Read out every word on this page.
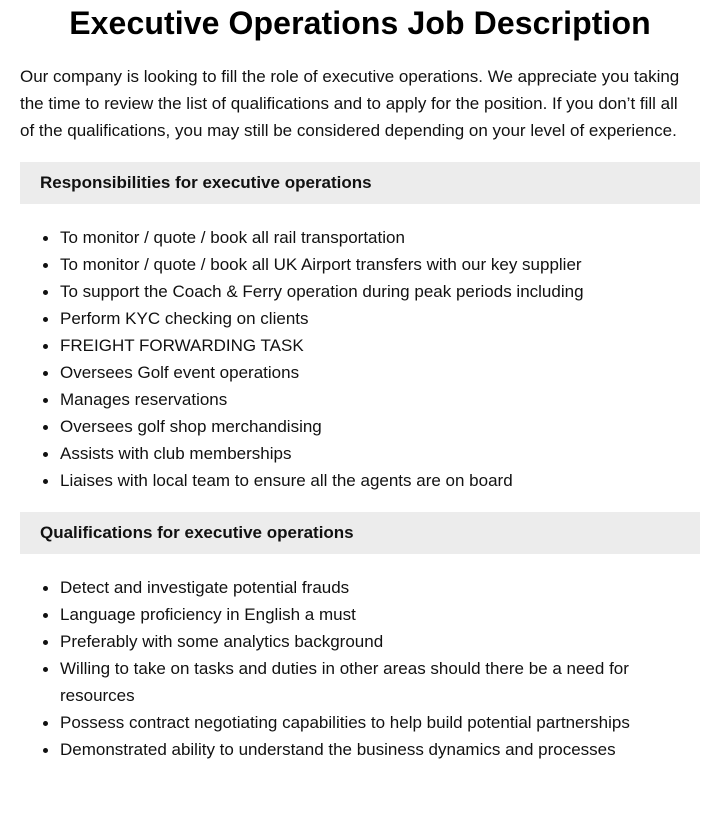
Executive Operations Job Description

Our company is looking to fill the role of executive operations. We appreciate you taking the time to review the list of qualifications and to apply for the position. If you don’t fill all of the qualifications, you may still be considered depending on your level of experience.

Responsibilities for executive operations
To monitor / quote / book all rail transportation
To monitor / quote / book all UK Airport transfers with our key supplier
To support the Coach & Ferry operation during peak periods including
Perform KYC checking on clients
FREIGHT FORWARDING TASK
Oversees Golf event operations
Manages reservations
Oversees golf shop merchandising
Assists with club memberships
Liaises with local team to ensure all the agents are on board
Qualifications for executive operations
Detect and investigate potential frauds
Language proficiency in English a must
Preferably with some analytics background
Willing to take on tasks and duties in other areas should there be a need for resources
Possess contract negotiating capabilities to help build potential partnerships
Demonstrated ability to understand the business dynamics and processes
